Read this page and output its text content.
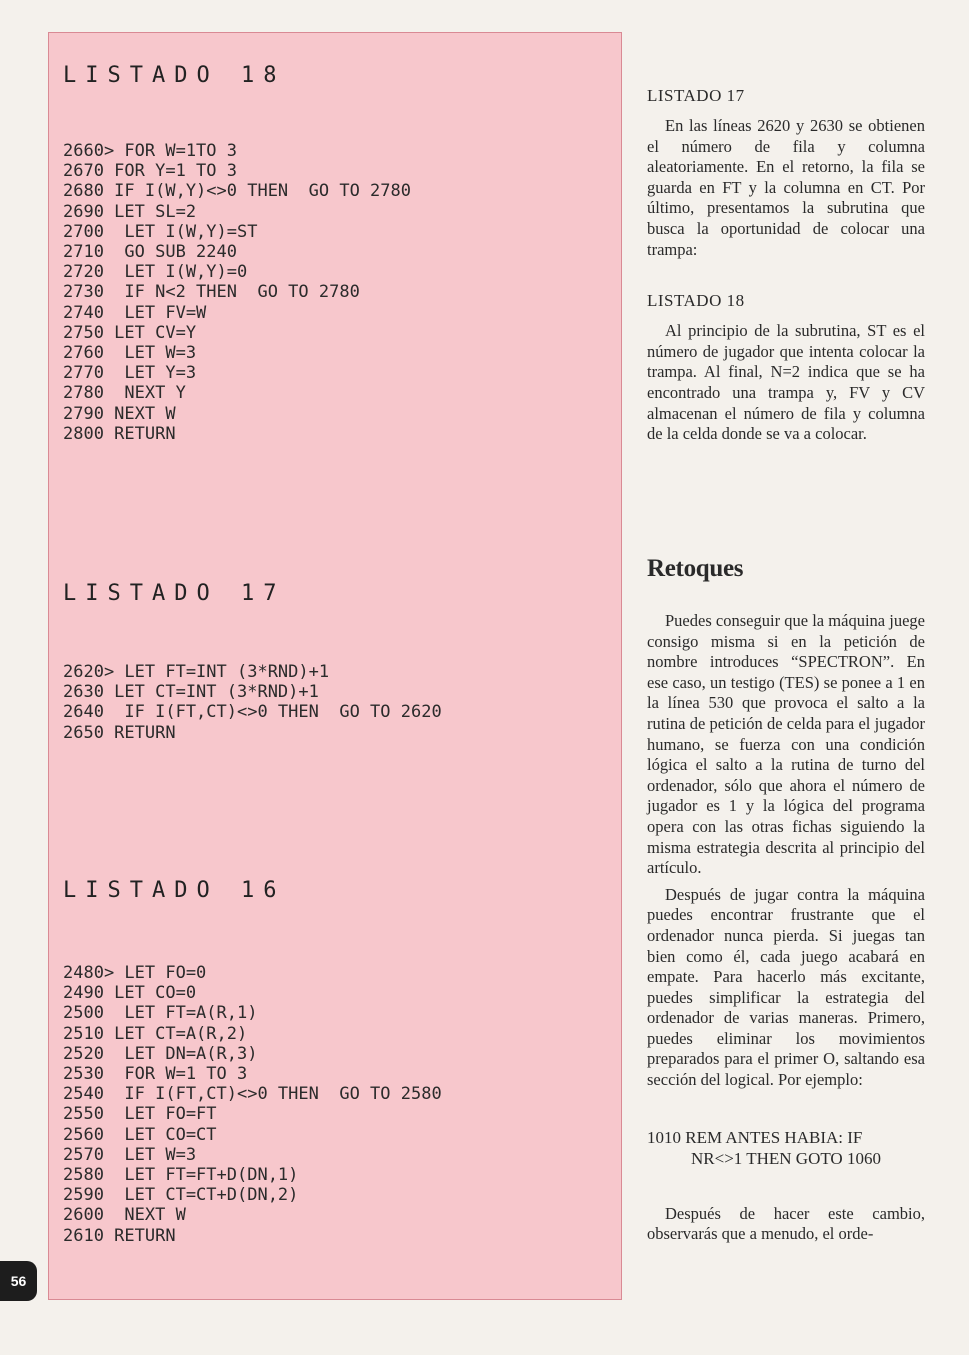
LISTADO 18
2660> FOR W=1TO 3
2670 FOR Y=1 TO 3
2680 IF I(W,Y)<>0 THEN  GO TO 2780
2690 LET SL=2
2700  LET I(W,Y)=ST
2710  GO SUB 2240
2720  LET I(W,Y)=0
2730  IF N<2 THEN  GO TO 2780
2740  LET FV=W
2750 LET CV=Y
2760  LET W=3
2770  LET Y=3
2780  NEXT Y
2790 NEXT W
2800 RETURN
LISTADO 17
2620> LET FT=INT (3*RND)+1
2630 LET CT=INT (3*RND)+1
2640  IF I(FT,CT)<>0 THEN  GO TO 2620
2650 RETURN
LISTADO 16
2480> LET FO=0
2490 LET CO=0
2500  LET FT=A(R,1)
2510 LET CT=A(R,2)
2520  LET DN=A(R,3)
2530  FOR W=1 TO 3
2540  IF I(FT,CT)<>0 THEN  GO TO 2580
2550  LET FO=FT
2560  LET CO=CT
2570  LET W=3
2580  LET FT=FT+D(DN,1)
2590  LET CT=CT+D(DN,2)
2600  NEXT W
2610 RETURN
56

LISTADO 17

En las líneas 2620 y 2630 se obtienen el número de fila y columna aleatoriamente. En el retorno, la fila se guarda en FT y la columna en CT. Por último, presentamos la subrutina que busca la oportunidad de colocar una trampa:

LISTADO 18

Al principio de la subrutina, ST es el número de jugador que intenta colocar la trampa. Al final, N=2 indica que se ha encontrado una trampa y, FV y CV almacenan el número de fila y columna de la celda donde se va a colocar.

Retoques

Puedes conseguir que la máquina juege consigo misma si en la petición de nombre introduces “SPECTRON”. En ese caso, un testigo (TES) se ponee a 1 en la línea 530 que provoca el salto a la rutina de petición de celda para el jugador humano, se fuerza con una condición lógica el salto a la rutina de turno del ordenador, sólo que ahora el número de jugador es 1 y la lógica del programa opera con las otras fichas siguiendo la misma estrategia descrita al principio del artículo.

Después de jugar contra la máquina puedes encontrar frustrante que el ordenador nunca pierda. Si juegas tan bien como él, cada juego acabará en empate. Para hacerlo más excitante, puedes simplificar la estrategia del ordenador de varias maneras. Primero, puedes eliminar los movimientos preparados para el primer O, saltando esa sección del logical. Por ejemplo:

1010 REM ANTES HABIA: IF
NR<>1 THEN GOTO 1060

Después de hacer este cambio, observarás que a menudo, el orde-
